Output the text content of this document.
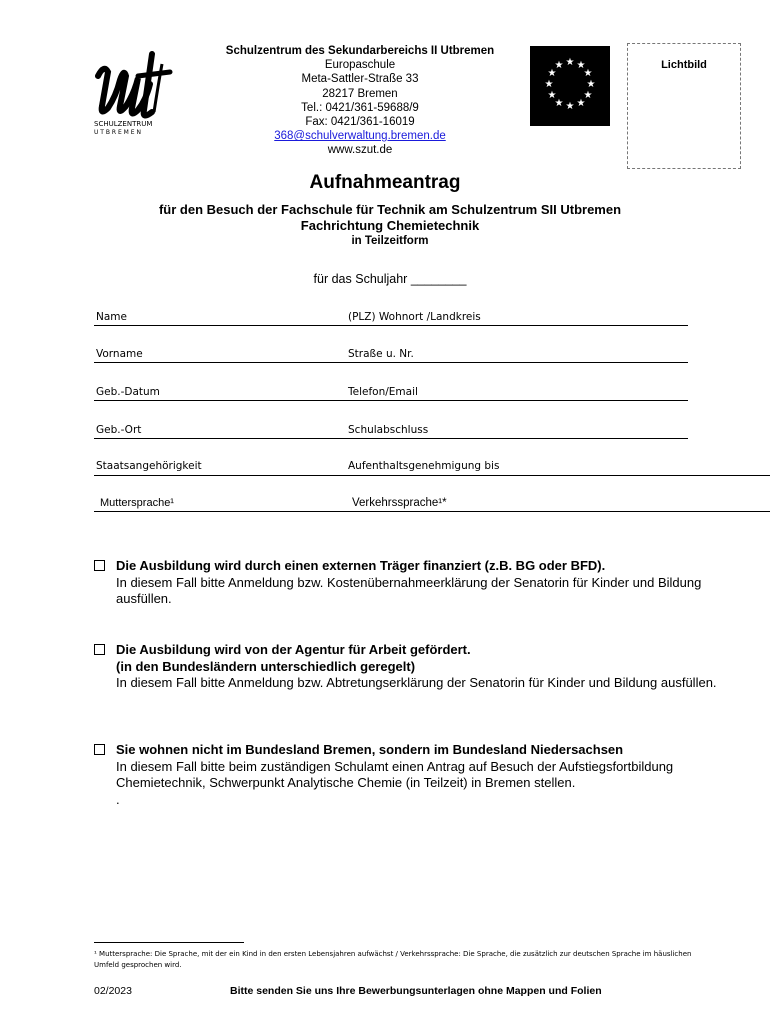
SCHULZENTRUM
U T B R E M E N
Schulzentrum des Sekundarbereichs II Utbremen
Europaschule
Meta-Sattler-Straße 33
28217 Bremen
Tel.: 0421/361-59688/9
Fax: 0421/361-16019
368@schulverwaltung.bremen.de
www.szut.de
★ ★
★
★
★
★
★
★
★
★
★
★
EUROPASCHULE
Lichtbild
Aufnahmeantrag
für den Besuch der Fachschule für Technik am Schulzentrum SII Utbremen
Fachrichtung Chemietechnik
in Teilzeitform
für das Schuljahr ________
Name	(PLZ) Wohnort /Landkreis
Vorname	Straße u. Nr.
Geb.-Datum	Telefon/Email
Geb.-Ort	Schulabschluss
Staatsangehörigkeit	Aufenthaltsgenehmigung bis
Muttersprache¹	Verkehrssprache¹*
Die Ausbildung wird durch einen externen Träger finanziert (z.B. BG oder BFD).
In diesem Fall bitte Anmeldung bzw. Kostenübernahmeerklärung der Senatorin für Kinder und Bildung ausfüllen.
Die Ausbildung wird von der Agentur für Arbeit gefördert.
(in den Bundesländern unterschiedlich geregelt)
In diesem Fall bitte Anmeldung bzw. Abtretungserklärung der Senatorin für Kinder und Bildung ausfüllen.
Sie wohnen nicht im Bundesland Bremen, sondern im Bundesland Niedersachsen
In diesem Fall bitte beim zuständigen Schulamt einen Antrag auf Besuch der Aufstiegsfortbildung Chemietechnik, Schwerpunkt Analytische Chemie (in Teilzeit) in Bremen stellen.
.
¹ Muttersprache: Die Sprache, mit der ein Kind in den ersten Lebensjahren aufwächst / Verkehrssprache: Die Sprache, die zusätzlich zur deutschen Sprache im häuslichen Umfeld gesprochen wird.
02/2023	Bitte senden Sie uns Ihre Bewerbungsunterlagen ohne Mappen und Folien
